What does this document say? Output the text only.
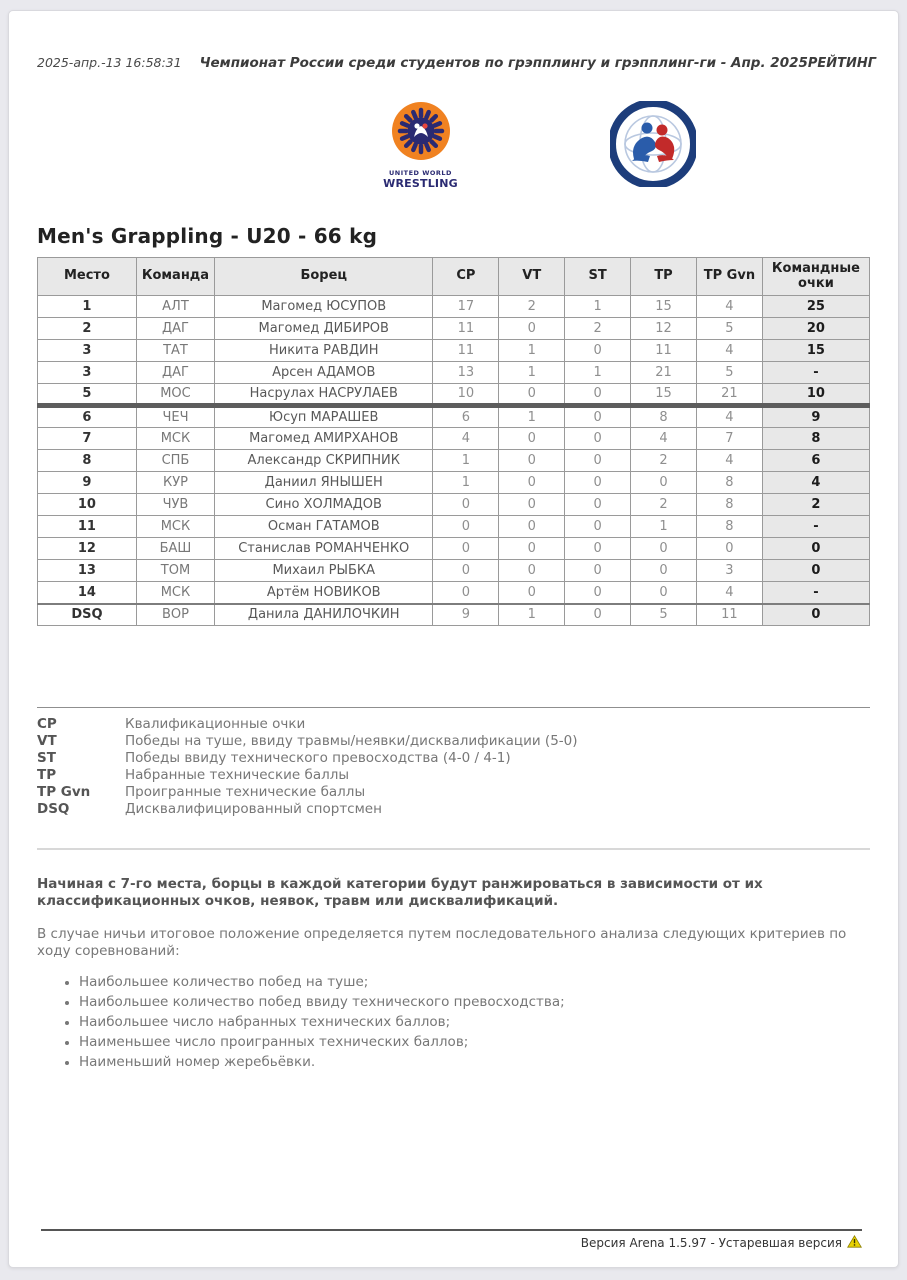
2025-апр.-13 16:58:31 Чемпионат России среди студентов по грэпплингу и грэпплинг-ги - Апр. 2025 РЕЙТИНГ
UNITED WORLD
WRESTLING
Men's Grappling - U20 - 66 kg
Место	Команда	Борец	CP	VT	ST	TP	TP Gvn	Командные очки
1	АЛТ	Магомед ЮСУПОВ	17	2	1	15	4	25
2	ДАГ	Магомед ДИБИРОВ	11	0	2	12	5	20
3	ТАТ	Никита РАВДИН	11	1	0	11	4	15
3	ДАГ	Арсен АДАМОВ	13	1	1	21	5	-
5	МОС	Насрулах НАСРУЛАЕВ	10	0	0	15	21	10
6	ЧЕЧ	Юсуп МАРАШЕВ	6	1	0	8	4	9
7	МСК	Магомед АМИРХАНОВ	4	0	0	4	7	8
8	СПБ	Александр СКРИПНИК	1	0	0	2	4	6
9	КУР	Даниил ЯНЫШЕН	1	0	0	0	8	4
10	ЧУВ	Сино ХОЛМАДОВ	0	0	0	2	8	2
11	МСК	Осман ГАТАМОВ	0	0	0	1	8	-
12	БАШ	Станислав РОМАНЧЕНКО	0	0	0	0	0	0
13	ТОМ	Михаил РЫБКА	0	0	0	0	3	0
14	МСК	Артём НОВИКОВ	0	0	0	0	4	-
DSQ	ВОР	Данила ДАНИЛОЧКИН	9	1	0	5	11	0
CP	Квалификационные очки
VT	Победы на туше, ввиду травмы/неявки/дисквалификации (5-0)
ST	Победы ввиду технического превосходства (4-0 / 4-1)
TP	Набранные технические баллы
TP Gvn	Проигранные технические баллы
DSQ	Дисквалифицированный спортсмен

Начиная с 7-го места, борцы в каждой категории будут ранжироваться в зависимости от их классификационных очков, неявок, травм или дисквалификаций.

В случае ничьи итоговое положение определяется путем последовательного анализа следующих критериев по ходу соревнований:

• Наибольшее количество побед на туше;
• Наибольшее количество побед ввиду технического превосходства;
• Наибольшее число набранных технических баллов;
• Наименьшее число проигранных технических баллов;
• Наименьший номер жеребьёвки.
Версия Arena 1.5.97 - Устаревшая версия
